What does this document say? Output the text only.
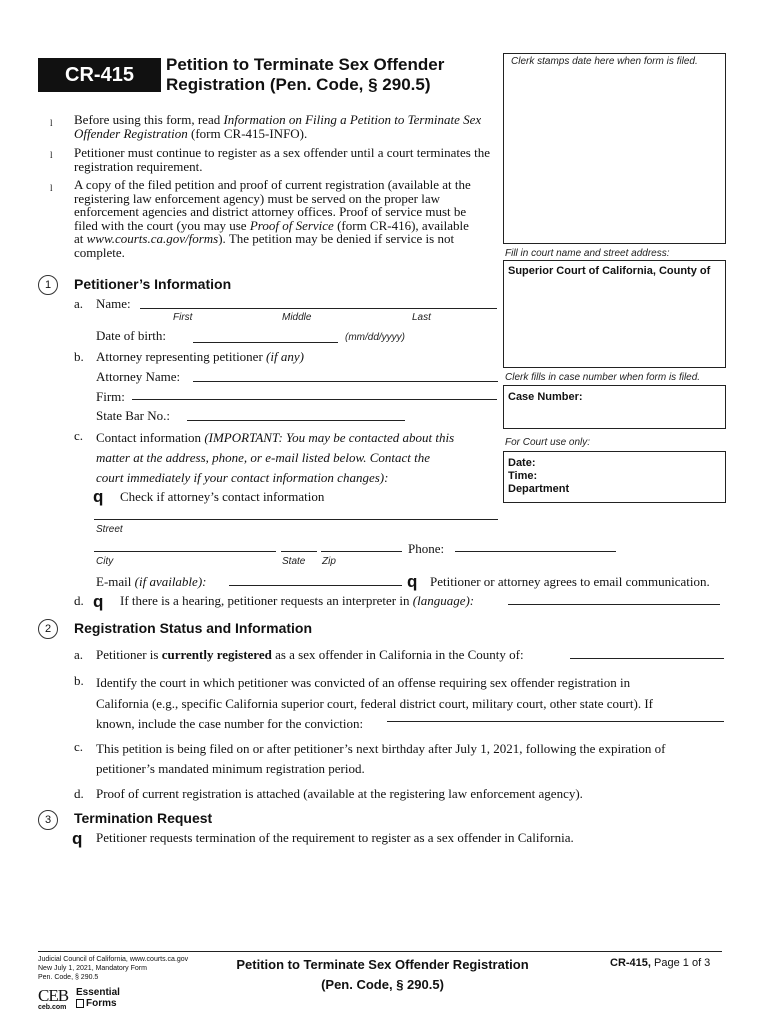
CR-415	Petition to Terminate Sex Offender
Registration (Pen. Code, § 290.5)
l Before using this form, read Information on Filing a Petition to Terminate Sex Offender Registration (form CR-415-INFO).

l Petitioner must continue to register as a sex offender until a court terminates the registration requirement.

l A copy of the filed petition and proof of current registration (available at the
registering law enforcement agency) must be served on the proper law
enforcement agencies and district attorney offices. Proof of service must be
filed with the court (you may use Proof of Service (form CR-416), available
at www.courts.ca.gov/forms). The petition may be denied if service is not
complete.
Clerk stamps date here when form is filed.
Fill in court name and street address:
Superior Court of California, County of
Clerk fills in case number when form is filed.
Case Number:
For Court use only:
Date:
Time:
Department
1	Petitioner’s Information
a. Name:
First	Middle	Last
Date of birth:	(mm/dd/yyyy)
b. Attorney representing petitioner (if any)
Attorney Name:
Firm:
State Bar No.:
c. Contact information (IMPORTANT: You may be contacted about this
matter at the address, phone, or e-mail listed below. Contact the
court immediately if your contact information changes):
q Check if attorney’s contact information
Street
Phone:
City	State Zip
E-mail (if available):	q Petitioner or attorney agrees to email communication.
d. q If there is a hearing, petitioner requests an interpreter in (language):
2	Registration Status and Information
a. Petitioner is currently registered as a sex offender in California in the County of:
b. Identify the court in which petitioner was convicted of an offense requiring sex offender registration in
California (e.g., specific California superior court, federal district court, military court, other state court). If
known, include the case number for the conviction:
c. This petition is being filed on or after petitioner’s next birthday after July 1, 2021, following the expiration of
petitioner’s mandated minimum registration period.
d. Proof of current registration is attached (available at the registering law enforcement agency).
3	Termination Request
q Petitioner requests termination of the requirement to register as a sex offender in California.
Judicial Council of California, www.courts.ca.gov
New July 1, 2021, Mandatory Form
Pen. Code, § 290.5
Petition to Terminate Sex Offender Registration
(Pen. Code, § 290.5)
CR-415, Page 1 of 3
CEB
ceb.com
Essential
Forms
